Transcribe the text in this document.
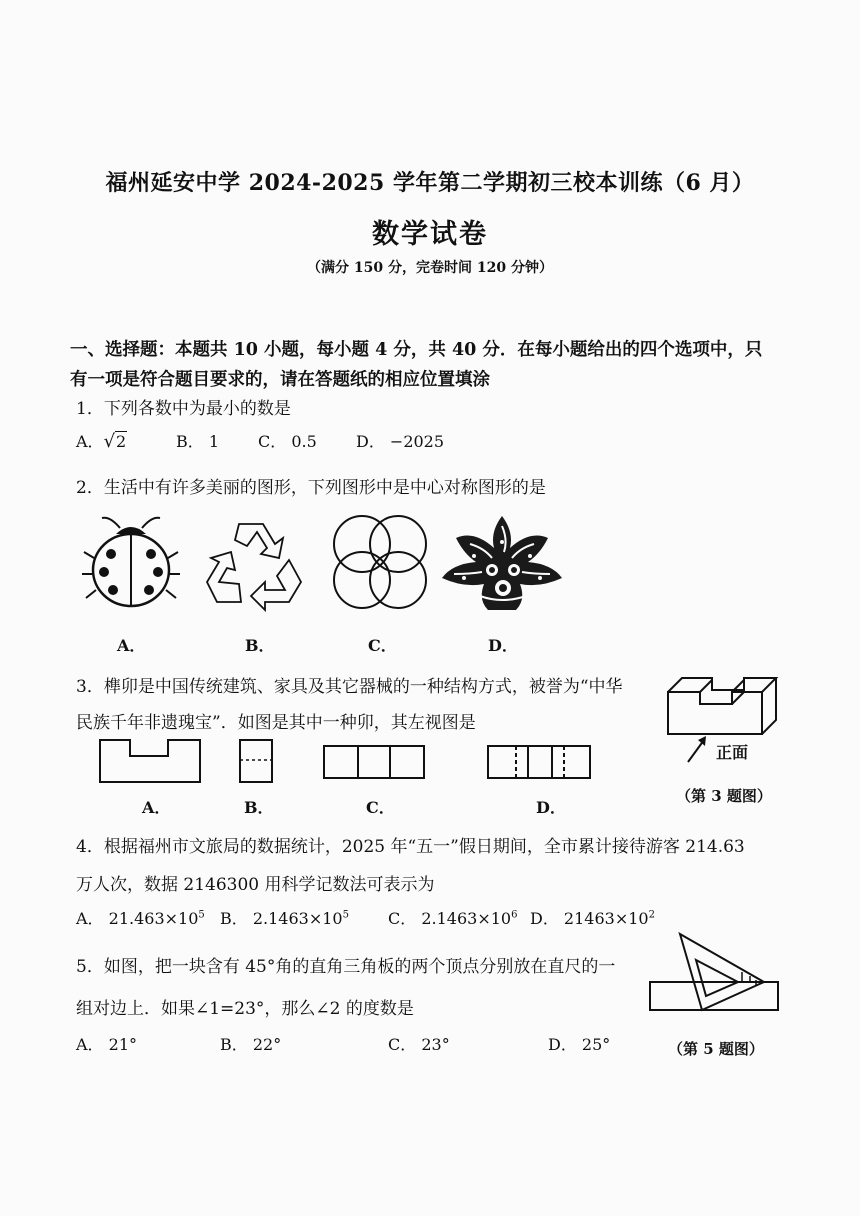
福州延安中学 2024-2025 学年第二学期初三校本训练（6 月）
数学试卷
（满分 150 分，完卷时间 120 分钟）
一、选择题：本题共 10 小题，每小题 4 分，共 40 分．在每小题给出的四个选项中，只
有一项是符合题目要求的，请在答题纸的相应位置填涂
1．下列各数中为最小的数是
A．√2	B． 1 C． 0.5 D． −2025
2．生活中有许多美丽的图形，下列图形中是中心对称图形的是
A．	B．	C．	D．
3．榫卯是中国传统建筑、家具及其它器械的一种结构方式，被誉为“中华
民族千年非遗瑰宝”．如图是其中一种卯，其左视图是
正面
（第 3 题图）
A．	B．	C．	D．
4．根据福州市文旅局的数据统计，2025 年“五一”假日期间，全市累计接待游客 214.63
万人次，数据 2146300 用科学记数法可表示为
A． $21.463\times 10^5$ B． $2.1463\times 10^5$ C． $2.1463\times 10^6$ D． $21463\times 10^2$
5．如图，把一块含有 45°角的直角三角板的两个顶点分别放在直尺的一
组对边上．如果∠1=23°，那么∠2 的度数是
（第 5 题图）
A． 21°	B． 22°	C． 23°	D． 25°
